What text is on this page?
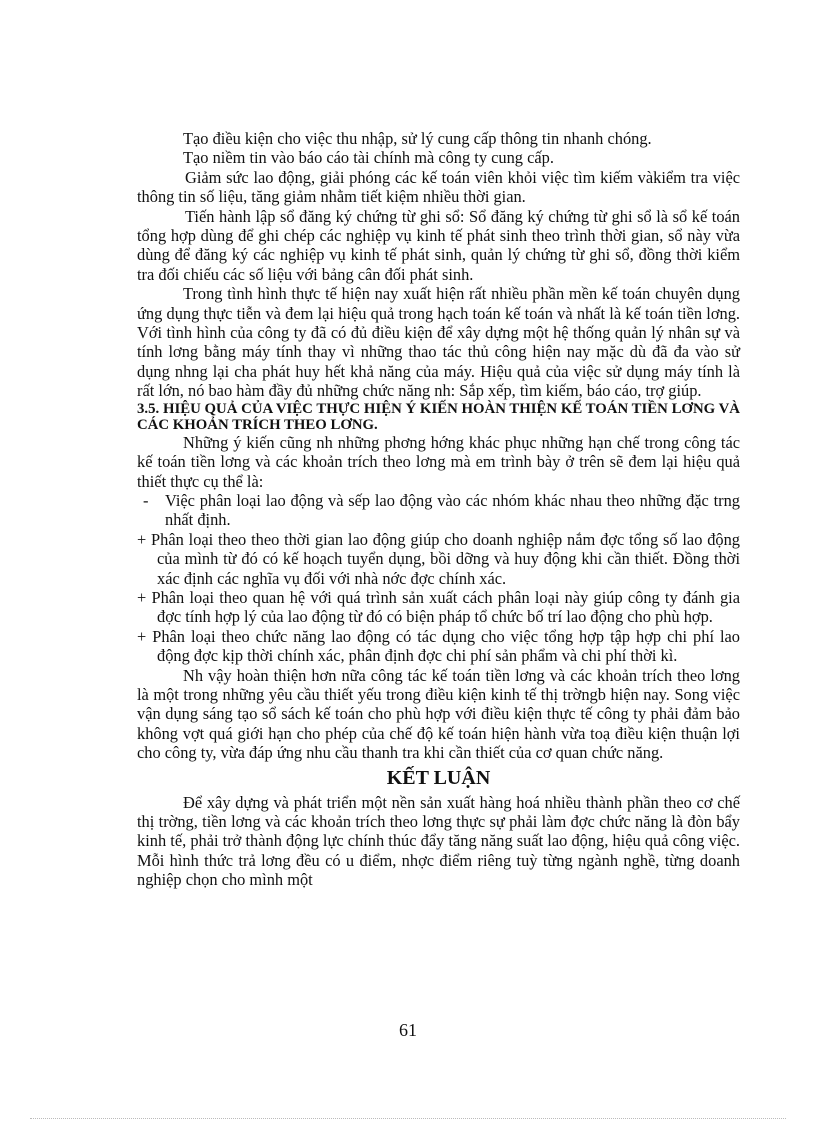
Tạo điều kiện cho việc thu nhập, sử lý cung cấp thông tin nhanh chóng.

Tạo niềm tin vào báo cáo tài chính mà công ty cung cấp.

Giảm sức lao động, giải phóng các kế toán viên khỏi việc tìm kiếm vàkiểm tra việc thông tin số liệu, tăng giảm nhằm tiết kiệm nhiều thời gian.

Tiến hành lập sổ đăng ký chứng từ ghi sổ: Sổ đăng ký chứng từ ghi sổ là sổ kế toán tổng hợp dùng để ghi chép các nghiệp vụ kinh tế phát sinh theo trình thời gian, sổ này vừa dùng để đăng ký các nghiệp vụ kinh tế phát sinh, quản lý chứng từ ghi sổ, đồng thời kiểm tra đối chiếu các số liệu với bảng cân đối phát sinh.

Trong tình hình thực tế hiện nay xuất hiện rất nhiều phần mền kế toán chuyên dụng ứng dụng thực tiễn và đem lại hiệu quả trong hạch toán kế toán và nhất là kế toán tiền lơng. Với tình hình của công ty đã có đủ điều kiện để xây dựng một hệ thống quản lý nhân sự và tính lơng bằng máy tính thay vì những thao tác thủ công hiện nay mặc dù đã đa vào sử dụng nhng lại cha phát huy hết khả năng của máy. Hiệu quả của việc sử dụng máy tính là rất lớn, nó bao hàm đầy đủ những chức năng nh: Sắp xếp, tìm kiếm, báo cáo, trợ giúp.

3.5. HIỆU QUẢ CỦA VIỆC THỰC HIỆN Ý KIẾN HOÀN THIỆN KẾ TOÁN TIỀN LƠNG VÀ CÁC KHOẢN TRÍCH THEO LƠNG.

Những ý kiến cũng nh những phơng hớng khác phục những hạn chế trong công tác kế toán tiền lơng và các khoản trích theo lơng mà em trình bày ở trên sẽ đem lại hiệu quả thiết thực cụ thể là:

-	Việc phân loại lao động và sếp lao động vào các nhóm khác nhau theo những đặc trng nhất định.

+ Phân loại theo theo thời gian lao động giúp cho doanh nghiệp nắm đợc tổng số lao động của mình từ đó có kế hoạch tuyển dụng, bồi dỡng và huy động khi cần thiết. Đồng thời xác định các nghĩa vụ đối với nhà nớc đợc chính xác.

+ Phân loại theo quan hệ với quá trình sản xuất cách phân loại này giúp công ty đánh gia đợc tính hợp lý của lao động từ đó có biện pháp tổ chức bố trí lao động cho phù hợp.

+ Phân loại theo chức năng lao động có tác dụng cho việc tổng hợp tập hợp chi phí lao động đợc kịp thời chính xác, phân định đợc chi phí sản phẩm và chi phí thời kì.

Nh vậy hoàn thiện hơn nữa công tác kế toán tiền lơng và các khoản trích theo lơng là một trong những yêu cầu thiết yếu trong điều kiện kinh tế thị trờngb hiện nay. Song việc vận dụng sáng tạo sổ sách kế toán cho phù hợp với điều kiện thực tế công ty phải đảm bảo không vợt quá giới hạn cho phép của chế độ kế toán hiện hành vừa toạ điều kiện thuận lợi cho công ty, vừa đáp ứng nhu cầu thanh tra khi cần thiết của cơ quan chức năng.

KẾT LUẬN

Để xây dựng và phát triển một nền sản xuất hàng hoá nhiều thành phần theo cơ chế thị trờng, tiền lơng và các khoản trích theo lơng thực sự phải làm đợc chức năng là đòn bẩy kinh tế, phải trở thành động lực chính thúc đẩy tăng năng suất lao động, hiệu quả công việc. Mỗi hình thức trả lơng đều có u điểm, nhợc điểm riêng tuỳ từng ngành nghề, từng doanh nghiệp chọn cho mình một

61
